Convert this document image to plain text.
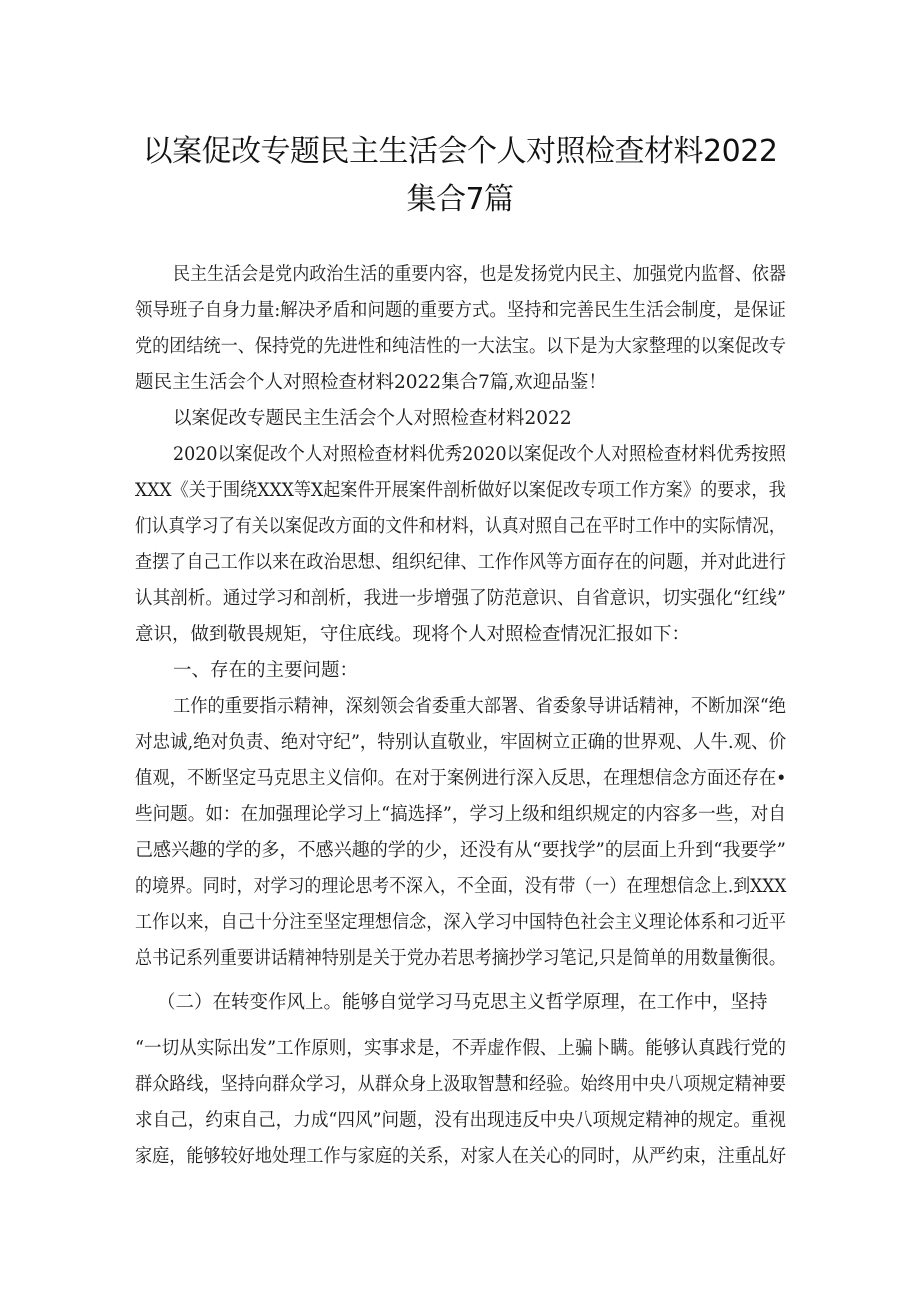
以案促改专题民主生活会个人对照检查材料2022集合7篇
民主生活会是党内政治生活的重要内容，也是发扬党内民主、加强党内监督、依器
领导班子自身力量:解决矛盾和问题的重要方式。坚持和完善民生生活会制度，是保证
党的团结统一、保持党的先进性和纯洁性的一大法宝。以下是为大家整理的以案促改专
题民主生活会个人对照检查材料2022集合7篇,欢迎品鉴！
以案促改专题民主生活会个人对照检查材料2022
2020以案促改个人对照检查材料优秀2020以案促改个人对照检查材料优秀按照
XXX《关于围绕XXX等X起案件开展案件剖析做好以案促改专项工作方案》的要求，我
们认真学习了有关以案促改方面的文件和材料，认真对照自己在平时工作中的实际情况，
查摆了自己工作以来在政治思想、组织纪律、工作作风等方面存在的问题，并对此进行
认其剖析。通过学习和剖析，我进一步增强了防范意识、自省意识，切实强化“红线”
意识，做到敬畏规矩，守住底线。现将个人对照检查情况汇报如下：
一、存在的主要问题：
工作的重要指示精神，深刻领会省委重大部署、省委象导讲话精神，不断加深“绝
对忠诚,绝对负责、绝对守纪”，特别认直敬业，牢固树立正确的世界观、人牛.观、价
值观，不断坚定马克思主义信仰。在对于案例进行深入反思，在理想信念方面还存在•
些问题。如：在加强理论学习上“搞选择”，学习上级和组织规定的内容多一些，对自
己感兴趣的学的多，不感兴趣的学的少，还没有从“要找学”的层面上升到“我要学”
的境界。同时，对学习的理论思考不深入，不全面，没有带（一）在理想信念上.到XXX
工作以来，自己十分注至坚定理想信念，深入学习中国特色社会主义理论体系和刁近平
总书记系列重要讲话精神特别是关于党办若思考摘抄学习笔记,只是简单的用数量衡很。
（二）在转变作风上。能够自觉学习马克思主义哲学原理，在工作中，坚持
“一切从实际出发”工作原则，实事求是，不弄虚作假、上骗卜瞒。能够认真践行党的
群众路线，坚持向群众学习，从群众身上汲取智慧和经验。始终用中央八项规定精神要
求自己，约束自己，力成“四风”问题，没有出现违反中央八项规定精神的规定。重视
家庭，能够较好地处理工作与家庭的关系，对家人在关心的同时，从严约束，注重乩好
